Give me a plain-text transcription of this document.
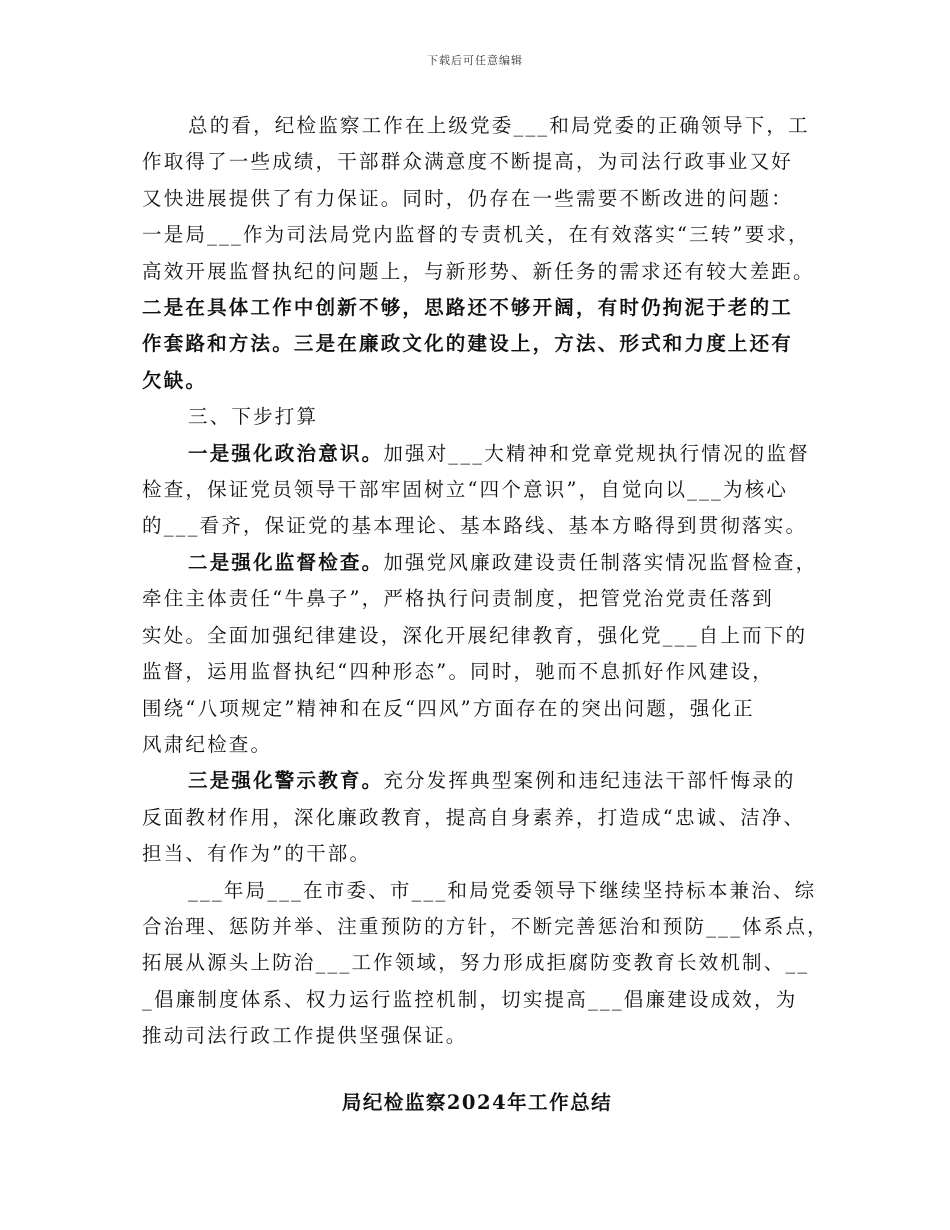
下载后可任意编辑

总的看，纪检监察工作在上级党委___和局党委的正确领导下，工
作取得了一些成绩，干部群众满意度不断提高，为司法行政事业又好
又快进展提供了有力保证。同时，仍存在一些需要不断改进的问题：
一是局___作为司法局党内监督的专责机关，在有效落实“三转”要求，
高效开展监督执纪的问题上，与新形势、新任务的需求还有较大差距。
二是在具体工作中创新不够，思路还不够开阔，有时仍拘泥于老的工
作套路和方法。三是在廉政文化的建设上，方法、形式和力度上还有
欠缺。

三、下步打算

一是强化政治意识。加强对___大精神和党章党规执行情况的监督
检查，保证党员领导干部牢固树立“四个意识”，自觉向以___为核心
的___看齐，保证党的基本理论、基本路线、基本方略得到贯彻落实。

二是强化监督检查。加强党风廉政建设责任制落实情况监督检查，
牵住主体责任“牛鼻子”，严格执行问责制度，把管党治党责任落到
实处。全面加强纪律建设，深化开展纪律教育，强化党___自上而下的
监督，运用监督执纪“四种形态”。同时，驰而不息抓好作风建设，
围绕“八项规定”精神和在反“四风”方面存在的突出问题，强化正
风肃纪检查。

三是强化警示教育。充分发挥典型案例和违纪违法干部忏悔录的
反面教材作用，深化廉政教育，提高自身素养，打造成“忠诚、洁净、
担当、有作为”的干部。

___年局___在市委、市___和局党委领导下继续坚持标本兼治、综
合治理、惩防并举、注重预防的方针，不断完善惩治和预防___体系点，
拓展从源头上防治___工作领域，努力形成拒腐防变教育长效机制、__
_倡廉制度体系、权力运行监控机制，切实提高___倡廉建设成效，为
推动司法行政工作提供坚强保证。

局纪检监察2024年工作总结
